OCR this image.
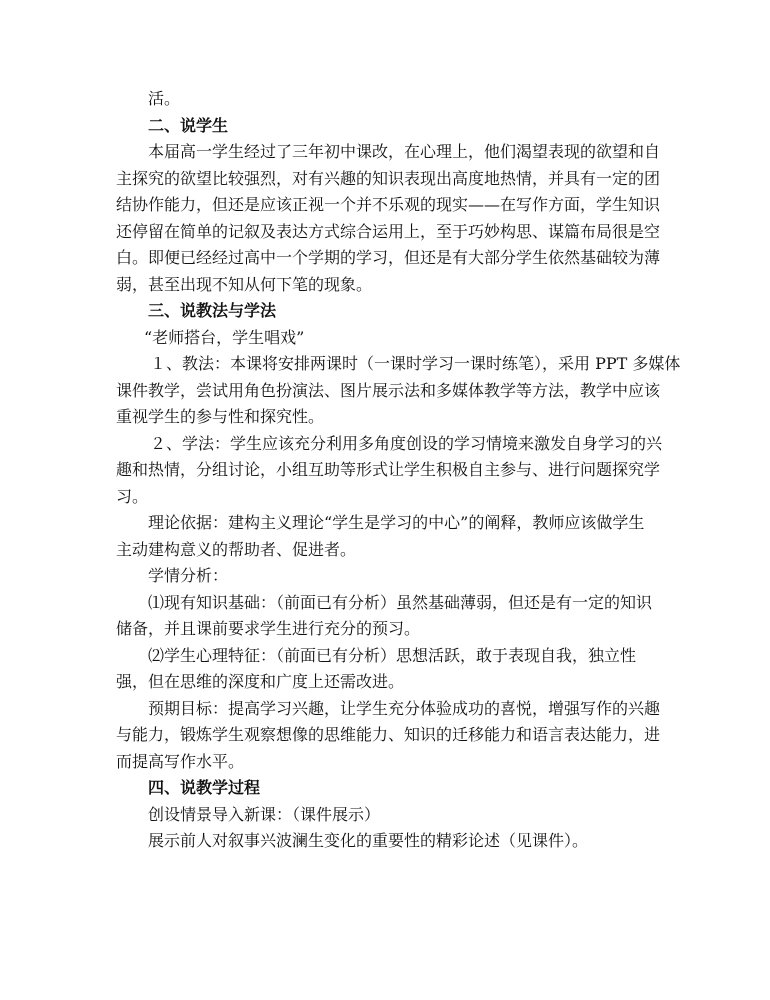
活。

二、说学生

本届高一学生经过了三年初中课改，在心理上，他们渴望表现的欲望和自

主探究的欲望比较强烈，对有兴趣的知识表现出高度地热情，并具有一定的团

结协作能力，但还是应该正视一个并不乐观的现实——在写作方面，学生知识

还停留在简单的记叙及表达方式综合运用上，至于巧妙构思、谋篇布局很是空

白。即便已经经过高中一个学期的学习，但还是有大部分学生依然基础较为薄

弱，甚至出现不知从何下笔的现象。

三、说教法与学法

“老师搭台，学生唱戏”

１、教法：本课将安排两课时（一课时学习一课时练笔），采用 PPT 多媒体

课件教学，尝试用角色扮演法、图片展示法和多媒体教学等方法，教学中应该

重视学生的参与性和探究性。

２、学法：学生应该充分利用多角度创设的学习情境来激发自身学习的兴

趣和热情，分组讨论，小组互助等形式让学生积极自主参与、进行问题探究学

习。

理论依据：建构主义理论“学生是学习的中心”的阐释，教师应该做学生

主动建构意义的帮助者、促进者。

学情分析：

⑴现有知识基础：（前面已有分析）虽然基础薄弱，但还是有一定的知识

储备，并且课前要求学生进行充分的预习。

⑵学生心理特征：（前面已有分析）思想活跃，敢于表现自我，独立性

强，但在思维的深度和广度上还需改进。

预期目标：提高学习兴趣，让学生充分体验成功的喜悦，增强写作的兴趣

与能力，锻炼学生观察想像的思维能力、知识的迁移能力和语言表达能力，进

而提高写作水平。

四、说教学过程

创设情景导入新课：（课件展示）

展示前人对叙事兴波澜生变化的重要性的精彩论述（见课件）。
